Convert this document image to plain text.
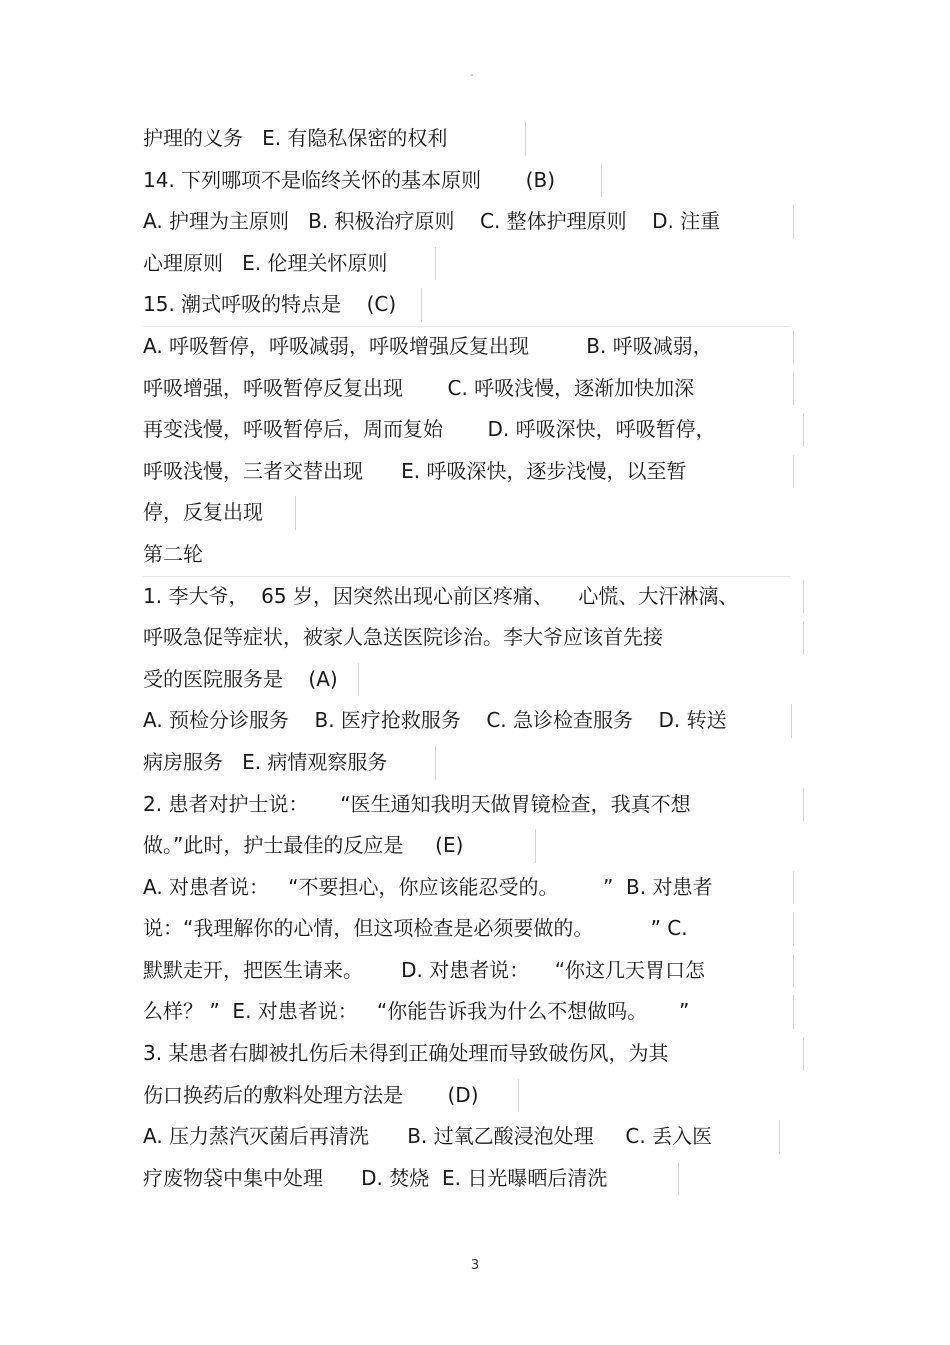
-
护理的义务   E. 有隐私保密的权利
14. 下列哪项不是临终关怀的基本原则       (B)
A. 护理为主原则   B. 积极治疗原则    C. 整体护理原则    D. 注重
心理原则   E. 伦理关怀原则
15. 潮式呼吸的特点是    (C)
A. 呼吸暂停，呼吸减弱，呼吸增强反复出现         B. 呼吸减弱，
呼吸增强，呼吸暂停反复出现       C. 呼吸浅慢，逐渐加快加深
再变浅慢，呼吸暂停后，周而复始       D. 呼吸深快，呼吸暂停，
呼吸浅慢，三者交替出现      E. 呼吸深快，逐步浅慢，以至暂
停，反复出现
第二轮
1. 李大爷，  65 岁，因突然出现心前区疼痛、    心慌、大汗淋漓、
呼吸急促等症状，被家人急送医院诊治。李大爷应该首先接
受的医院服务是    (A)
A. 预检分诊服务    B. 医疗抢救服务    C. 急诊检查服务    D. 转送
病房服务   E. 病情观察服务
2. 患者对护士说：     “医生通知我明天做胃镜检查，我真不想
做。”此时，护士最佳的反应是     (E)
A. 对患者说：   “不要担心，你应该能忍受的。       ”  B. 对患者
说：“我理解你的心情，但这项检查是必须要做的。         ” C.
默默走开，把医生请来。      D. 对患者说：    “你这几天胃口怎
么样？ ”  E. 对患者说：   “你能告诉我为什么不想做吗。     ”
3. 某患者右脚被扎伤后未得到正确处理而导致破伤风，为其
伤口换药后的敷料处理方法是       (D)
A. 压力蒸汽灭菌后再清洗      B. 过氧乙酸浸泡处理     C. 丢入医
疗废物袋中集中处理      D. 焚烧  E. 日光曝晒后清洗
3
